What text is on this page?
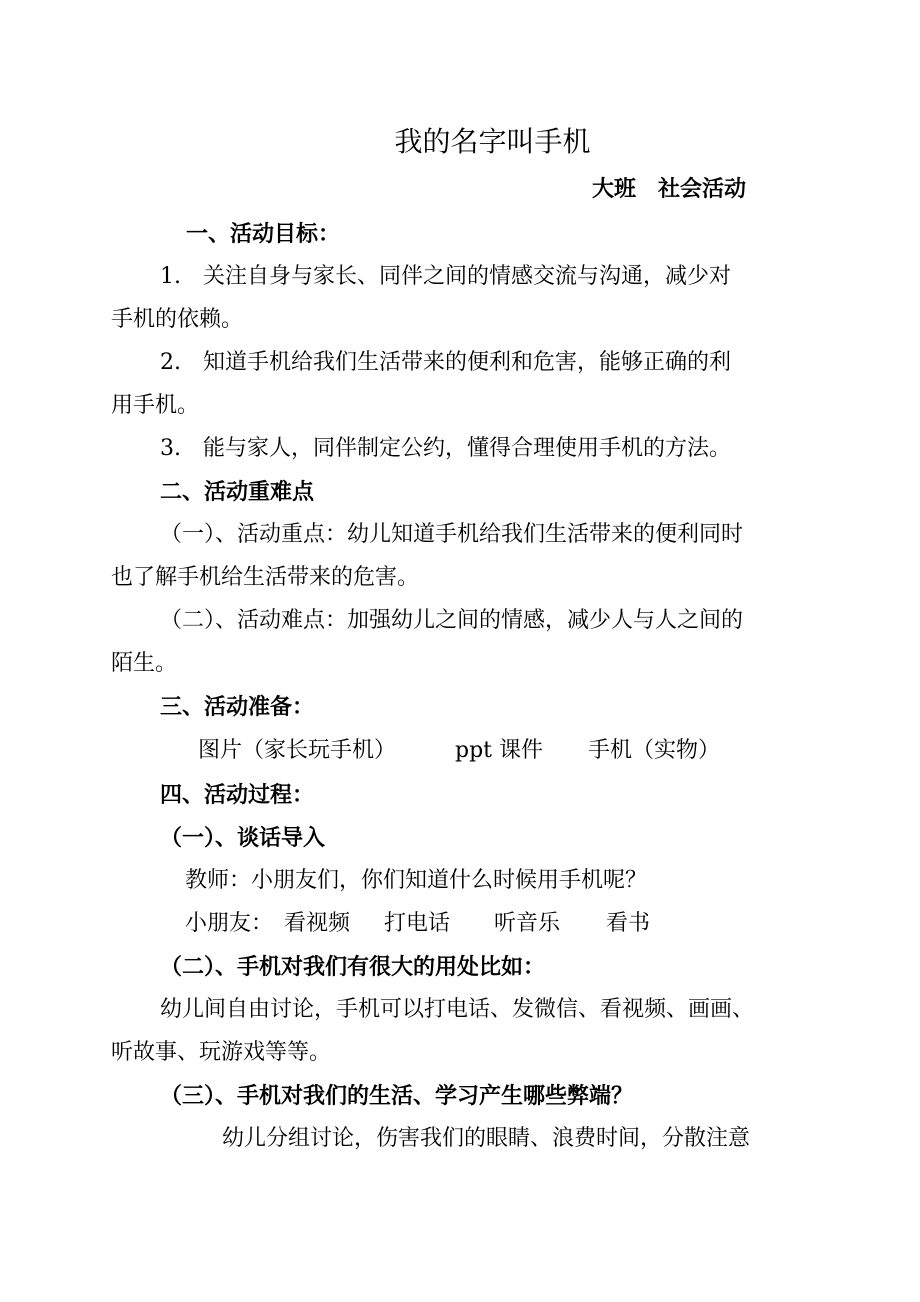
我的名字叫手机
大班　社会活动
一、活动目标：
1.　关注自身与家长、同伴之间的情感交流与沟通，减少对
手机的依赖。
2.　知道手机给我们生活带来的便利和危害，能够正确的利
用手机。
3.　能与家人，同伴制定公约，懂得合理使用手机的方法。
二、活动重难点
（一）、活动重点：幼儿知道手机给我们生活带来的便利同时
也了解手机给生活带来的危害。
（二）、活动难点：加强幼儿之间的情感，减少人与人之间的
陌生。
三、活动准备：
图片（家长玩手机）	ppt 课件 手机（实物）
四、活动过程：
（一）、谈话导入
教师：小朋友们，你们知道什么时候用手机呢？
小朋友： 看视频 打电话 听音乐 看书
（二）、手机对我们有很大的用处比如：
幼儿间自由讨论，手机可以打电话、发微信、看视频、画画、
听故事、玩游戏等等。
（三）、手机对我们的生活、学习产生哪些弊端？
幼儿分组讨论，伤害我们的眼睛、浪费时间，分散注意
